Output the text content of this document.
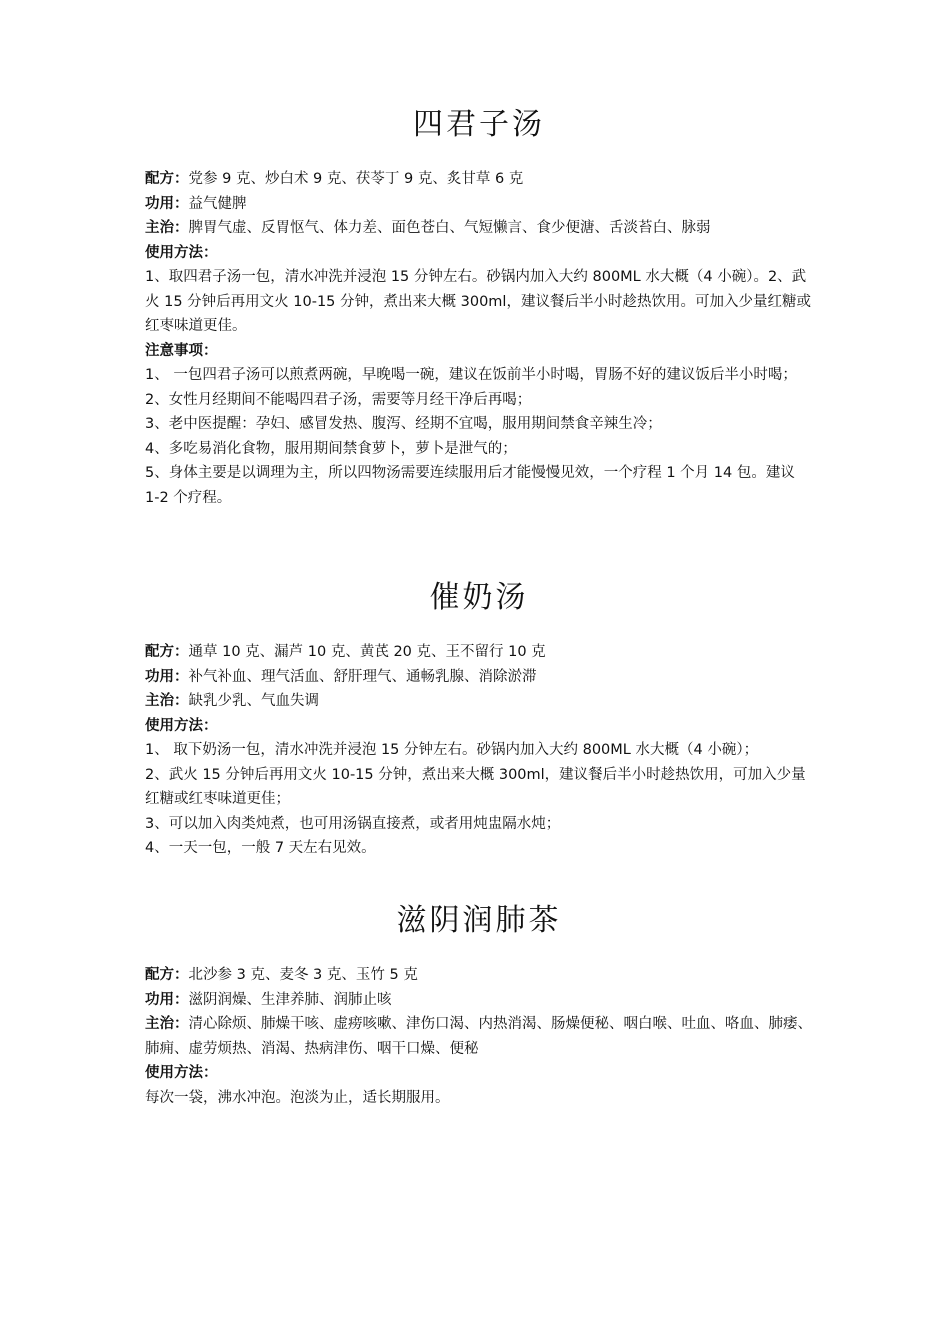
四君子汤

配方：党参 9 克、炒白术 9 克、茯苓丁 9 克、炙甘草 6 克

功用：益气健脾

主治：脾胃气虚、反胃怄气、体力差、面色苍白、气短懒言、食少便溏、舌淡苔白、脉弱

使用方法：

1、取四君子汤一包，清水冲洗并浸泡 15 分钟左右。砂锅内加入大约 800ML 水大概（4 小碗）。2、武火 15 分钟后再用文火 10-15 分钟，煮出来大概 300ml，建议餐后半小时趁热饮用。可加入少量红糖或红枣味道更佳。

注意事项：

1、 一包四君子汤可以煎煮两碗，早晚喝一碗，建议在饭前半小时喝，胃肠不好的建议饭后半小时喝；

2、女性月经期间不能喝四君子汤，需要等月经干净后再喝；

3、老中医提醒：孕妇、感冒发热、腹泻、经期不宜喝，服用期间禁食辛辣生冷；

4、多吃易消化食物，服用期间禁食萝卜，萝卜是泄气的；

5、身体主要是以调理为主，所以四物汤需要连续服用后才能慢慢见效，一个疗程 1 个月 14 包。建议 1-2 个疗程。

催奶汤

配方：通草 10 克、漏芦 10 克、黄芪 20 克、王不留行 10 克

功用：补气补血、理气活血、舒肝理气、通畅乳腺、消除淤滞

主治：缺乳少乳、气血失调

使用方法：

1、 取下奶汤一包，清水冲洗并浸泡 15 分钟左右。砂锅内加入大约 800ML 水大概（4 小碗）；

2、武火 15 分钟后再用文火 10-15 分钟，煮出来大概 300ml，建议餐后半小时趁热饮用，可加入少量红糖或红枣味道更佳；

3、可以加入肉类炖煮，也可用汤锅直接煮，或者用炖盅隔水炖；

4、一天一包，一般 7 天左右见效。

滋阴润肺茶

配方：北沙参 3 克、麦冬 3 克、玉竹 5 克

功用：滋阴润燥、生津养肺、润肺止咳

主治：清心除烦、肺燥干咳、虚痨咳嗽、津伤口渴、内热消渴、肠燥便秘、咽白喉、吐血、咯血、肺痿、肺痈、虚劳烦热、消渴、热病津伤、咽干口燥、便秘

使用方法：

每次一袋，沸水冲泡。泡淡为止，适长期服用。
